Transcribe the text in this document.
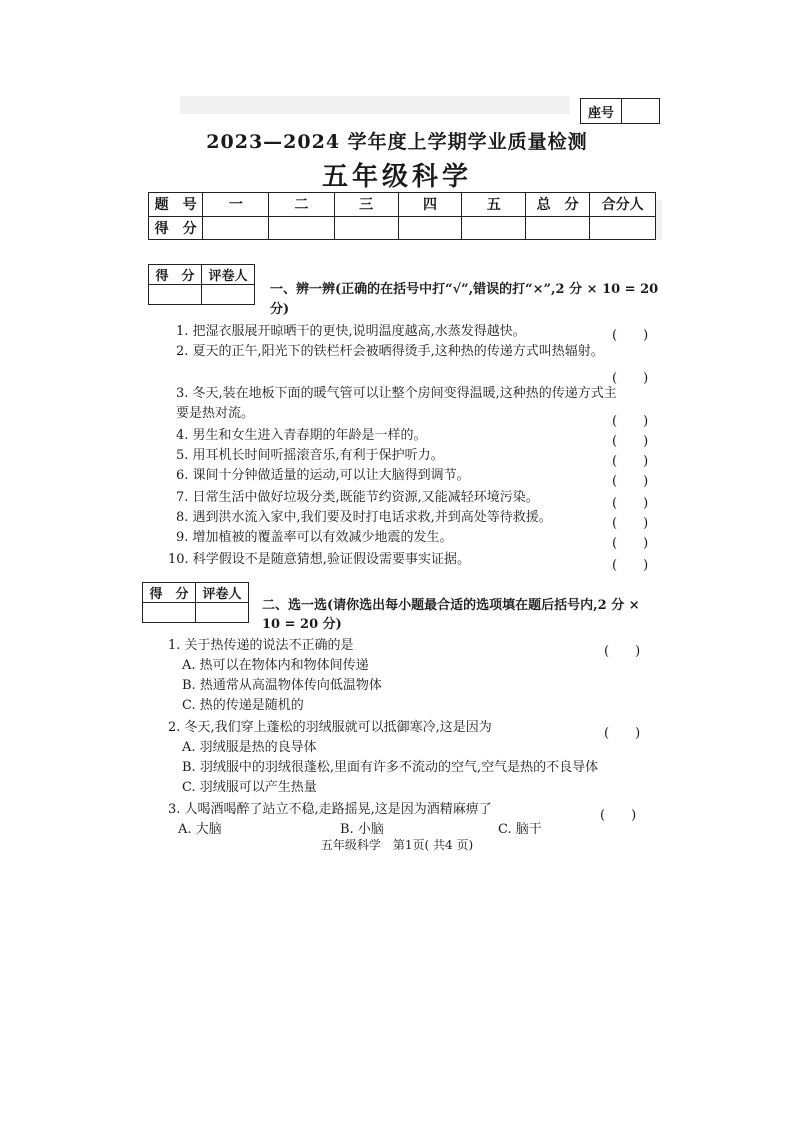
座号
2023—2024 学年度上学期学业质量检测
五年级科学
题　号	一	二	三	四	五	总　分	合分人
得　分							
得　分	评卷人

一、辨一辨(正确的在括号中打“√”,错误的打“×”,2 分 × 10 = 20 分)
1. 把湿衣服展开晾晒干的更快,说明温度越高,水蒸发得越快。	(　　)
2. 夏天的正午,阳光下的铁栏杆会被晒得烫手,这种热的传递方式叫热辐射。
(　　)
3. 冬天,装在地板下面的暖气管可以让整个房间变得温暖,这种热的传递方式主要是热对流。
(　　)
4. 男生和女生进入青春期的年龄是一样的。	(　　)
5. 用耳机长时间听摇滚音乐,有利于保护听力。	(　　)
6. 课间十分钟做适量的运动,可以让大脑得到调节。	(　　)
7. 日常生活中做好垃圾分类,既能节约资源,又能减轻环境污染。	(　　)
8. 遇到洪水流入家中,我们要及时打电话求救,并到高处等待救援。	(　　)
9. 增加植被的覆盖率可以有效减少地震的发生。	(　　)
10. 科学假设不是随意猜想,验证假设需要事实证据。	(　　)
得　分	评卷人

二、选一选(请你选出每小题最合适的选项填在题后括号内,2 分 ×
10 = 20 分)
1. 关于热传递的说法不正确的是	(　　)
A. 热可以在物体内和物体间传递
B. 热通常从高温物体传向低温物体
C. 热的传递是随机的
2. 冬天,我们穿上蓬松的羽绒服就可以抵御寒冷,这是因为	(　　)
A. 羽绒服是热的良导体
B. 羽绒服中的羽绒很蓬松,里面有许多不流动的空气,空气是热的不良导体
C. 羽绒服可以产生热量
3. 人喝酒喝醉了站立不稳,走路摇晃,这是因为酒精麻痹了	(　　)
A. 大脑	B. 小脑	C. 脑干
五年级科学　第1页( 共4 页)
